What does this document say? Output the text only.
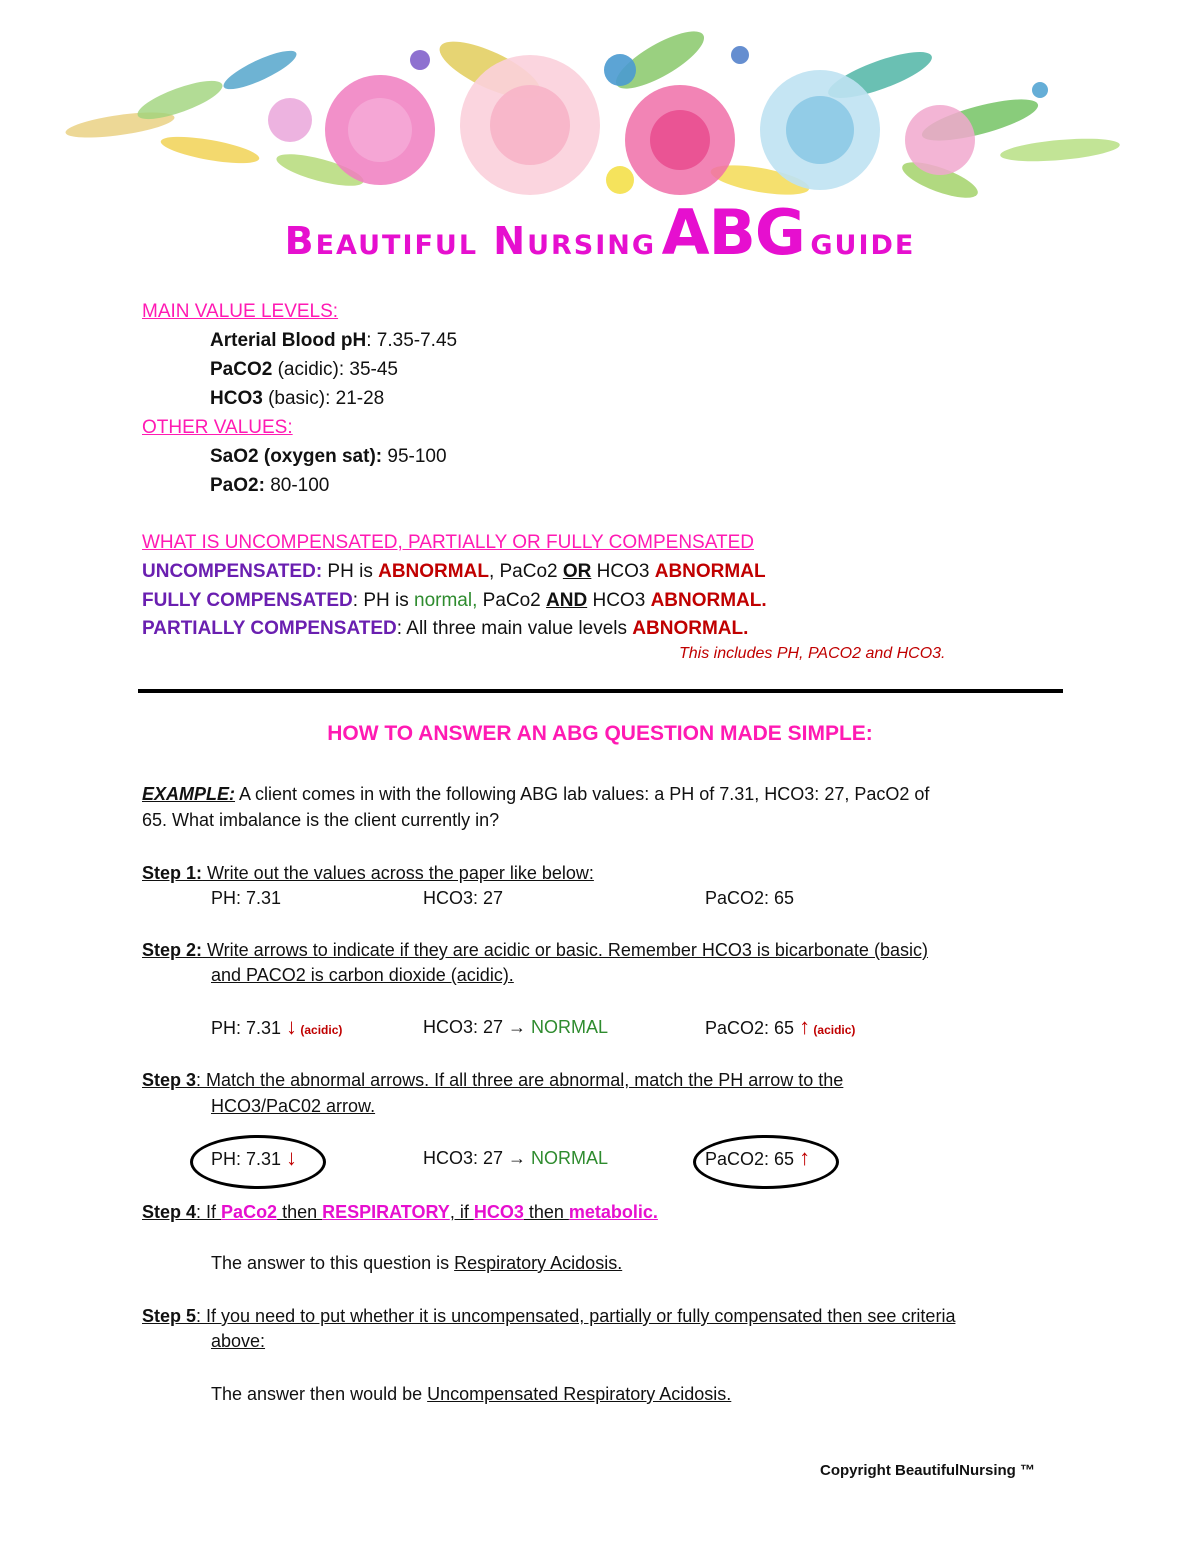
Beautiful Nursing ABG guide
MAIN VALUE LEVELS:
Arterial Blood pH: 7.35-7.45
PaCO2 (acidic): 35-45
HCO3 (basic): 21-28
OTHER VALUES:
SaO2 (oxygen sat): 95-100
PaO2: 80-100
WHAT IS UNCOMPENSATED, PARTIALLY OR FULLY COMPENSATED
UNCOMPENSATED: PH is ABNORMAL, PaCo2 OR HCO3 ABNORMAL
FULLY COMPENSATED: PH is normal, PaCo2 AND HCO3 ABNORMAL.
PARTIALLY COMPENSATED: All three main value levels ABNORMAL.
This includes PH, PACO2 and HCO3.
HOW TO ANSWER AN ABG QUESTION MADE SIMPLE:
EXAMPLE: A client comes in with the following ABG lab values: a PH of 7.31, HCO3: 27, PacO2 of
65. What imbalance is the client currently in?
Step 1: Write out the values across the paper like below:
PH: 7.31	HCO3: 27	PaCO2: 65
Step 2: Write arrows to indicate if they are acidic or basic. Remember HCO3 is bicarbonate (basic)
and PACO2 is carbon dioxide (acidic).
PH: 7.31 ↓ (acidic)	HCO3: 27 → NORMAL	PaCO2: 65 ↑ (acidic)
Step 3: Match the abnormal arrows. If all three are abnormal, match the PH arrow to the
HCO3/PaC02 arrow.
PH: 7.31 ↓	HCO3: 27 → NORMAL	PaCO2: 65 ↑
Step 4: If PaCo2 then RESPIRATORY, if HCO3 then metabolic.
The answer to this question is Respiratory Acidosis.
Step 5: If you need to put whether it is uncompensated, partially or fully compensated then see criteria
above:
The answer then would be Uncompensated Respiratory Acidosis.
Copyright BeautifulNursing ™
